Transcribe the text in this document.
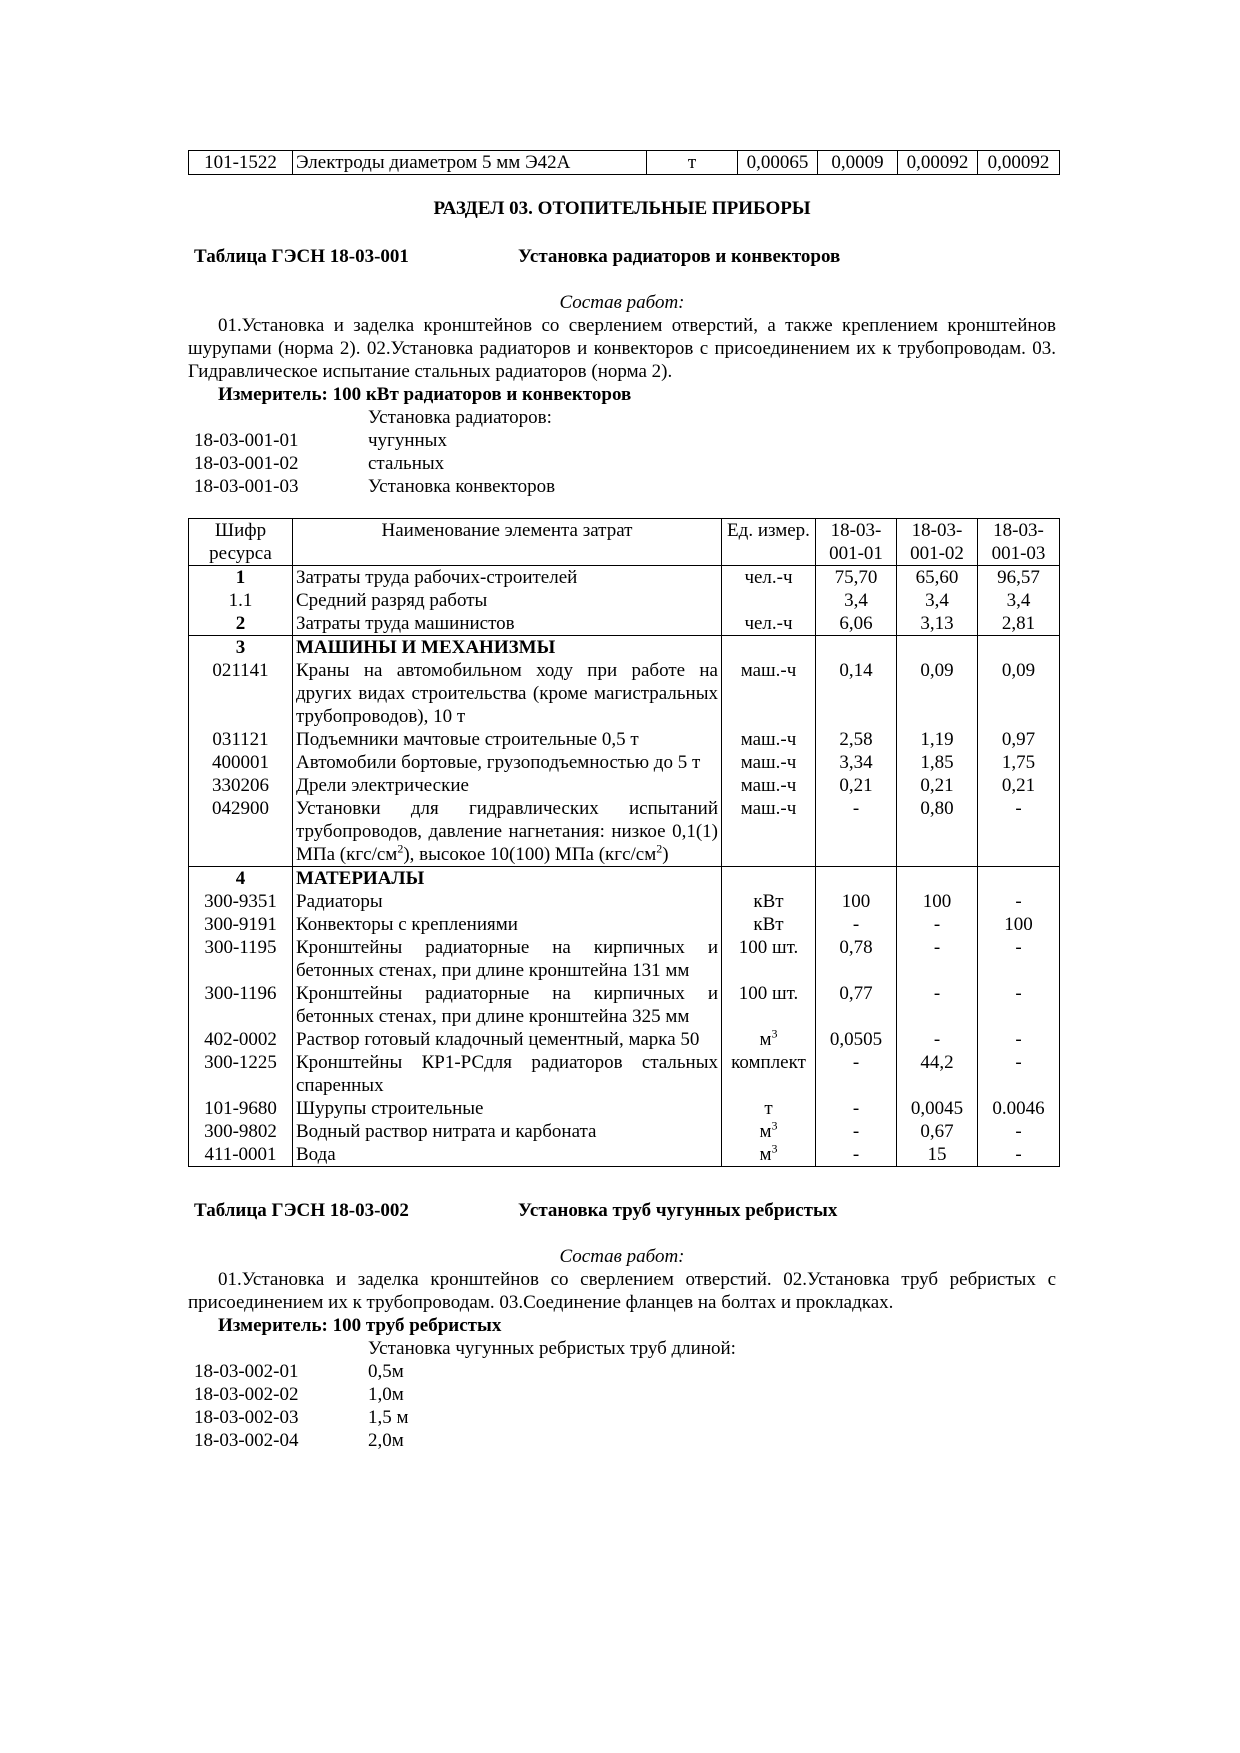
101-1522	Электроды диаметром 5 мм Э42А	т	0,00065	0,0009	0,00092	0,00092
РАЗДЕЛ 03. ОТОПИТЕЛЬНЫЕ ПРИБОРЫ
Таблица ГЭСН 18-03-001	Установка радиаторов и конвекторов
Состав работ:
01.Установка и заделка кронштейнов со сверлением отверстий, а также креплением кронштейнов шурупами (норма 2). 02.Установка радиаторов и конвекторов с присоединением их к трубопроводам. 03. Гидравлическое испытание стальных радиаторов (норма 2).
Измеритель: 100 кВт радиаторов и конвекторов
Установка радиаторов:
18-03-001-01	чугунных
18-03-001-02	стальных
18-03-001-03	Установка конвекторов
Шифр ресурса	Наименование элемента затрат	Ед. измер.	18-03-001-01	18-03-001-02	18-03-001-03
1	Затраты труда рабочих-строителей	чел.-ч	75,70	65,60	96,57
1.1	Средний разряд работы		3,4	3,4	3,4
2	Затраты труда машинистов	чел.-ч	6,06	3,13	2,81
3	МАШИНЫ И МЕХАНИЗМЫ				
021141	Краны на автомобильном ходу при работе на других видах строительства (кроме магистральных трубопроводов), 10 т	маш.-ч	0,14	0,09	0,09
031121	Подъемники мачтовые строительные 0,5 т	маш.-ч	2,58	1,19	0,97
400001	Автомобили бортовые, грузоподъемностью до 5 т	маш.-ч	3,34	1,85	1,75
330206	Дрели электрические	маш.-ч	0,21	0,21	0,21
042900	Установки для гидравлических испытаний трубопроводов, давление нагнетания: низкое 0,1(1) МПа $(кгс/см^2)$, высокое 10(100) МПа $(кгс/см^2)$	маш.-ч	-	0,80	-
4	МАТЕРИАЛЫ				
300-9351	Радиаторы	кВт	100	100	-
300-9191	Конвекторы с креплениями	кВт	-	-	100
300-1195	Кронштейны радиаторные на кирпичных и бетонных стенах, при длине кронштейна 131 мм	100 шт.	0,78	-	-
300-1196	Кронштейны радиаторные на кирпичных и бетонных стенах, при длине кронштейна 325 мм	100 шт.	0,77	-	-
402-0002	Раствор готовый кладочный цементный, марка 50	$м^3$	0,0505	-	-
300-1225	Кронштейны КР1-РСдля радиаторов стальных спаренных	комплект	-	44,2	-
101-9680	Шурупы строительные	т	-	0,0045	0.0046
300-9802	Водный раствор нитрата и карбоната	$м^3$	-	0,67	-
411-0001	Вода	$м^3$	-	15	-
Таблица ГЭСН 18-03-002	Установка труб чугунных ребристых
Состав работ:
01.Установка и заделка кронштейнов со сверлением отверстий. 02.Установка труб ребристых с присоединением их к трубопроводам. 03.Соединение фланцев на болтах и прокладках.
Измеритель: 100 труб ребристых
Установка чугунных ребристых труб длиной:
18-03-002-01	0,5м
18-03-002-02	1,0м
18-03-002-03	1,5 м
18-03-002-04	2,0м
